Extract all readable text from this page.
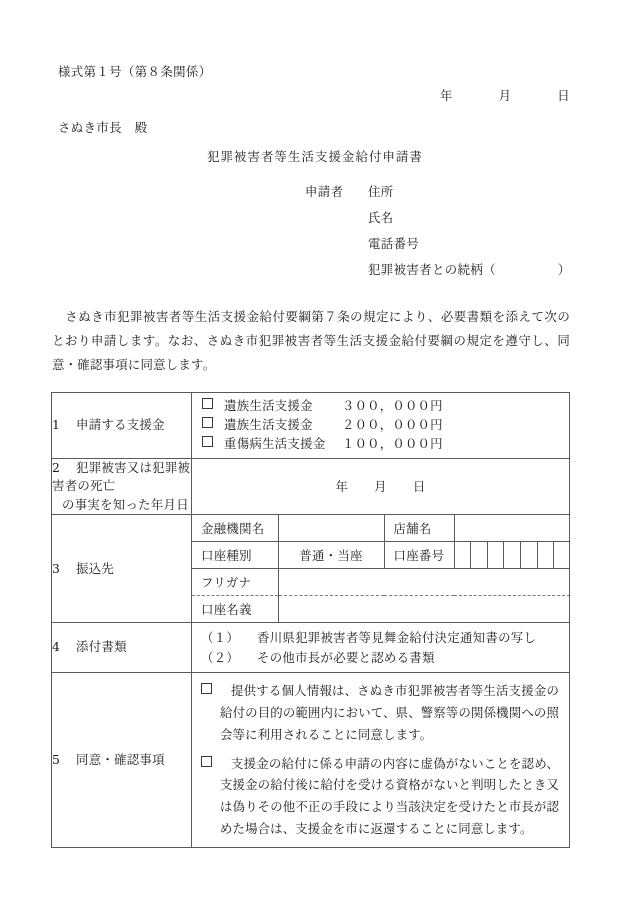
様式第１号（第８条関係）
年	月	日
さぬき市長　殿
犯罪被害者等生活支援金給付申請書
申請者	住所
氏名
電話番号
犯罪被害者との続柄 （	）
さぬき市犯罪被害者等生活支援金給付要綱第７条の規定により、必要書類を添えて次のとおり申請します。なお、さぬき市犯罪被害者等生活支援金給付要綱の規定を遵守し、同意・確認事項に同意します。
1 申請する支援金	
遺族生活支援金	３００，０００円
遺族生活支援金	２００，０００円
重傷病生活支援金	１００，０００円

2 犯罪被害又は犯罪被害者の死亡
の事実を知った年月日
	年 月 日
3 振込先	
金融機関名		店舗名	
口座種別	普通・当座	口座番号	

フリガナ	
口座名義	

4 添付書類	
（１） 香川県犯罪被害者等見舞金給付決定通知書の写し
（２） その他市長が必要と認める書類

5 同意・確認事項	
提供する個人情報は、さぬき市犯罪被害者等生活支援金の給付の目的の範囲内において、県、警察等の関係機関への照会等に利用されることに同意します。
支援金の給付に係る申請の内容に虚偽がないことを認め、支援金の給付後に給付を受ける資格がないと判明したとき又は偽りその他不正の手段により当該決定を受けたと市長が認めた場合は、支援金を市に返還することに同意します。
